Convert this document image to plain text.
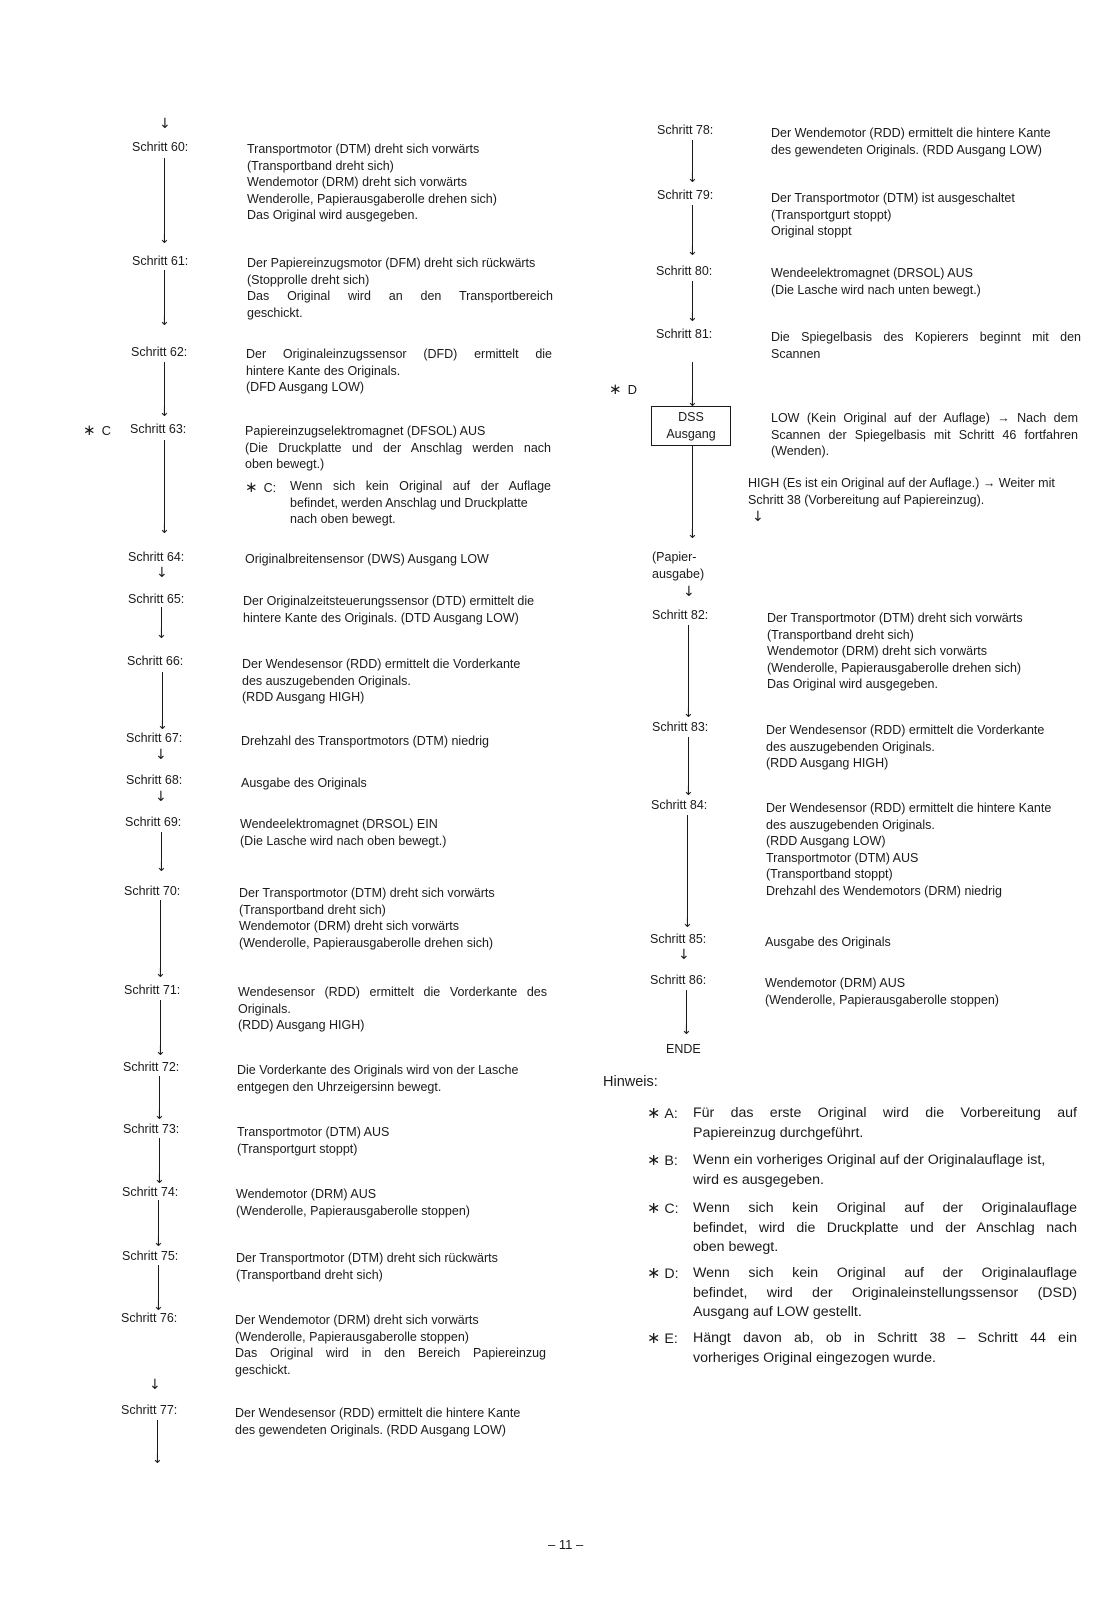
↓
Schritt 60:	Transportmotor (DTM) dreht sich vorwärts
(Transportband dreht sich)
Wendemotor (DRM) dreht sich vorwärts
Wenderolle, Papierausgaberolle drehen sich)
Das Original wird ausgegeben.
↓
Schritt 61:	Der Papiereinzugsmotor (DFM) dreht sich rückwärts
(Stopprolle dreht sich)
Das Original wird an den Transportbereich
geschickt.
↓
Schritt 62:	Der Originaleinzugssensor (DFD) ermittelt die
hintere Kante des Originals.
(DFD Ausgang LOW)
↓
∗ C Schritt 63:	Papiereinzugselektromagnet (DFSOL) AUS
(Die Druckplatte und der Anschlag werden nach
oben bewegt.)
∗ C: Wenn sich kein Original auf der Auflage
befindet, werden Anschlag und Druckplatte
nach oben bewegt.
↓
Schritt 64:	Originalbreitensensor (DWS) Ausgang LOW
↓
Schritt 65:	Der Originalzeitsteuerungssensor (DTD) ermittelt die
hintere Kante des Originals. (DTD Ausgang LOW)
↓
Schritt 66:	Der Wendesensor (RDD) ermittelt die Vorderkante
des auszugebenden Originals.
(RDD Ausgang HIGH)
↓
Schritt 67:	Drehzahl des Transportmotors (DTM) niedrig
↓
Schritt 68:	Ausgabe des Originals
↓
Schritt 69:	Wendeelektromagnet (DRSOL) EIN
(Die Lasche wird nach oben bewegt.)
↓
Schritt 70:	Der Transportmotor (DTM) dreht sich vorwärts
(Transportband dreht sich)
Wendemotor (DRM) dreht sich vorwärts
(Wenderolle, Papierausgaberolle drehen sich)
↓
Schritt 71:	Wendesensor (RDD) ermittelt die Vorderkante des
Originals.
(RDD) Ausgang HIGH)
↓
Schritt 72:	Die Vorderkante des Originals wird von der Lasche
entgegen den Uhrzeigersinn bewegt.
↓
Schritt 73:	Transportmotor (DTM) AUS
(Transportgurt stoppt)
↓
Schritt 74:	Wendemotor (DRM) AUS
(Wenderolle, Papierausgaberolle stoppen)
↓
Schritt 75:	Der Transportmotor (DTM) dreht sich rückwärts
(Transportband dreht sich)
↓
Schritt 76:	Der Wendemotor (DRM) dreht sich vorwärts
(Wenderolle, Papierausgaberolle stoppen)
Das Original wird in den Bereich Papiereinzug
geschickt.
↓
Schritt 77:	Der Wendesensor (RDD) ermittelt die hintere Kante
des gewendeten Originals. (RDD Ausgang LOW)
↓
Schritt 78:	Der Wendemotor (RDD) ermittelt die hintere Kante
des gewendeten Originals. (RDD Ausgang LOW)
↓
Schritt 79:	Der Transportmotor (DTM) ist ausgeschaltet
(Transportgurt stoppt)
Original stoppt
↓
Schritt 80:	Wendeelektromagnet (DRSOL) AUS
(Die Lasche wird nach unten bewegt.)
↓
Schritt 81:	Die Spiegelbasis des Kopierers beginnt mit den
Scannen
∗ D
↓
DSS
Ausgang
LOW (Kein Original auf der Auflage) → Nach dem
Scannen der Spiegelbasis mit Schritt 46 fortfahren
(Wenden).
HIGH (Es ist ein Original auf der Auflage.) → Weiter mit
Schritt 38 (Vorbereitung auf Papiereinzug).
↓
↓
(Papier-
ausgabe)
↓
Schritt 82:	Der Transportmotor (DTM) dreht sich vorwärts
(Transportband dreht sich)
Wendemotor (DRM) dreht sich vorwärts
(Wenderolle, Papierausgaberolle drehen sich)
Das Original wird ausgegeben.
↓
Schritt 83:	Der Wendesensor (RDD) ermittelt die Vorderkante
des auszugebenden Originals.
(RDD Ausgang HIGH)
↓
Schritt 84:	Der Wendesensor (RDD) ermittelt die hintere Kante
des auszugebenden Originals.
(RDD Ausgang LOW)
Transportmotor (DTM) AUS
(Transportband stoppt)
Drehzahl des Wendemotors (DRM) niedrig
↓
Schritt 85:	Ausgabe des Originals
↓
Schritt 86:	Wendemotor (DRM) AUS
(Wenderolle, Papierausgaberolle stoppen)
↓
ENDE
Hinweis:
∗ A: Für das erste Original wird die Vorbereitung auf
Papiereinzug durchgeführt.
∗ B: Wenn ein vorheriges Original auf der Originalauflage ist,
wird es ausgegeben.
∗ C: Wenn sich kein Original auf der Originalauflage
befindet, wird die Druckplatte und der Anschlag nach
oben bewegt.
∗ D: Wenn sich kein Original auf der Originalauflage
befindet, wird der Originaleinstellungssensor (DSD)
Ausgang auf LOW gestellt.
∗ E: Hängt davon ab, ob in Schritt 38 – Schritt 44 ein
vorheriges Original eingezogen wurde.
– 11 –
